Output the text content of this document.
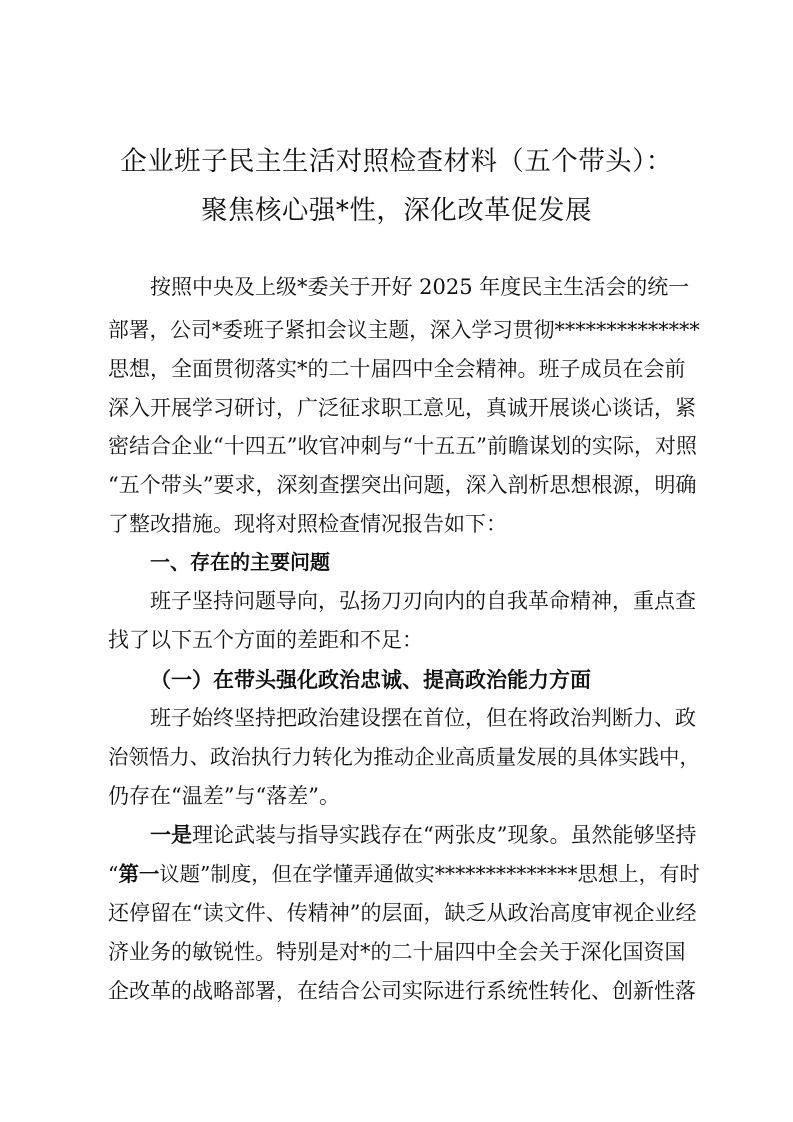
企业班子民主生活对照检查材料（五个带头）：
聚焦核心强*性，深化改革促发展
按照中央及上级*委关于开好 2025 年度民主生活会的统一
部署，公司*委班子紧扣会议主题，深入学习贯彻**************
思想，全面贯彻落实*的二十届四中全会精神。班子成员在会前
深入开展学习研讨，广泛征求职工意见，真诚开展谈心谈话，紧
密结合企业“十四五”收官冲刺与“十五五”前瞻谋划的实际，对照
“五个带头”要求，深刻查摆突出问题，深入剖析思想根源，明确
了整改措施。现将对照检查情况报告如下：
一、存在的主要问题
班子坚持问题导向，弘扬刀刃向内的自我革命精神，重点查
找了以下五个方面的差距和不足：
（一）在带头强化政治忠诚、提高政治能力方面
班子始终坚持把政治建设摆在首位，但在将政治判断力、政
治领悟力、政治执行力转化为推动企业高质量发展的具体实践中，
仍存在“温差”与“落差”。
一是理论武装与指导实践存在“两张皮”现象。虽然能够坚持
“第一议题”制度，但在学懂弄通做实**************思想上，有时
还停留在“读文件、传精神”的层面，缺乏从政治高度审视企业经
济业务的敏锐性。特别是对*的二十届四中全会关于深化国资国
企改革的战略部署，在结合公司实际进行系统性转化、创新性落
